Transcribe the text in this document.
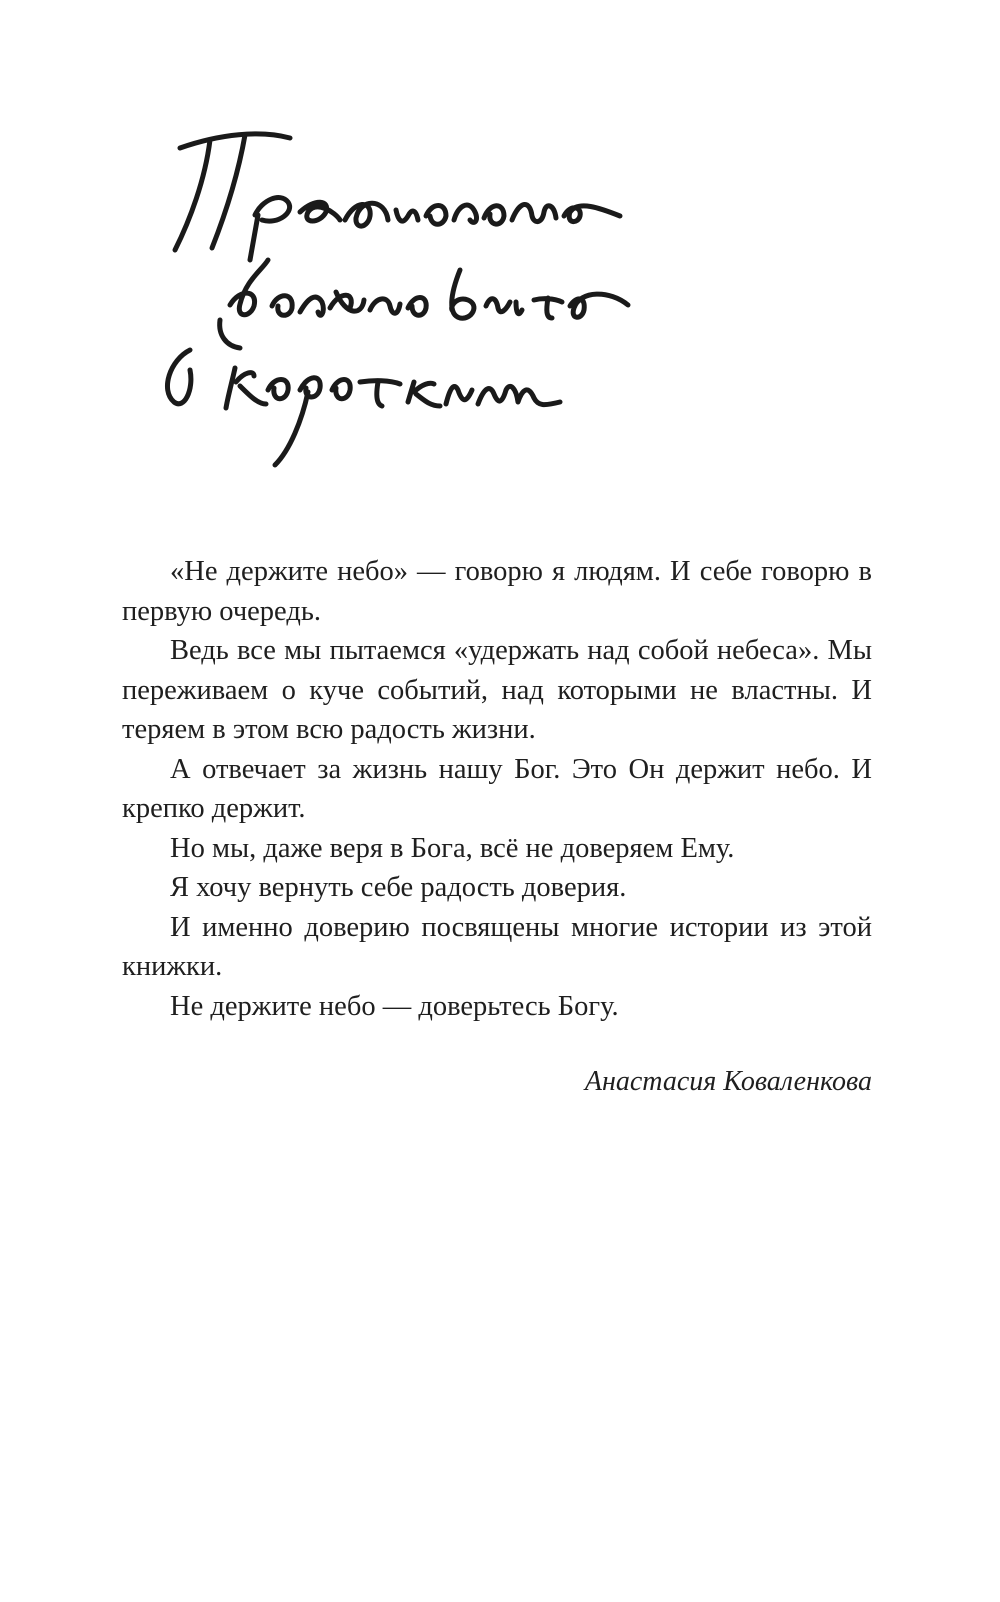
«Не держите небо» — говорю я людям. И себе говорю в первую очередь.

Ведь все мы пытаемся «удержать над собой небеса». Мы переживаем о куче событий, над которыми не властны. И теряем в этом всю радость жизни.

А отвечает за жизнь нашу Бог. Это Он держит небо. И крепко держит.

Но мы, даже веря в Бога, всё не доверяем Ему.

Я хочу вернуть себе радость доверия.

И именно доверию посвящены многие истории из этой книжки.

Не держите небо — доверьтесь Богу.

Анастасия Коваленкова
